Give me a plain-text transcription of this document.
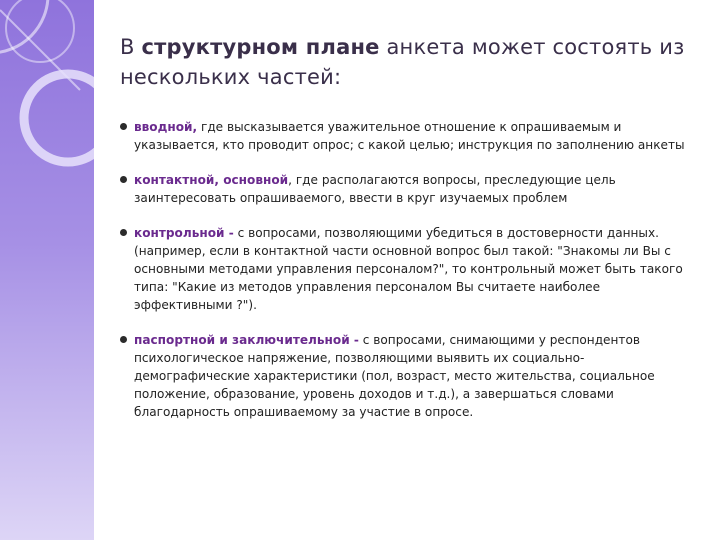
В структурном плане анкета может состоять из нескольких частей:
вводной, где высказывается уважительное отношение к опрашиваемым и указывается, кто проводит опрос; с какой целью; инструкция по заполнению анкеты
контактной, основной, где располагаются вопросы, преследующие цель заинтересовать опрашиваемого, ввести в круг изучаемых проблем
контрольной - с вопросами, позволяющими убедиться в достоверности данных. (например, если в контактной части основной вопрос был такой: "Знакомы ли Вы с основными методами управления персоналом?", то контрольный может быть такого типа: "Какие из методов управления персоналом Вы считаете наиболее эффективными ?").
паспортной и заключительной - с вопросами, снимающими у респондентов психологическое напряжение, позволяющими выявить их социально-демографические характеристики (пол, возраст, место жительства, социальное положение, образование, уровень доходов и т.д.), а завершаться словами благодарность опрашиваемому за участие в опросе.
